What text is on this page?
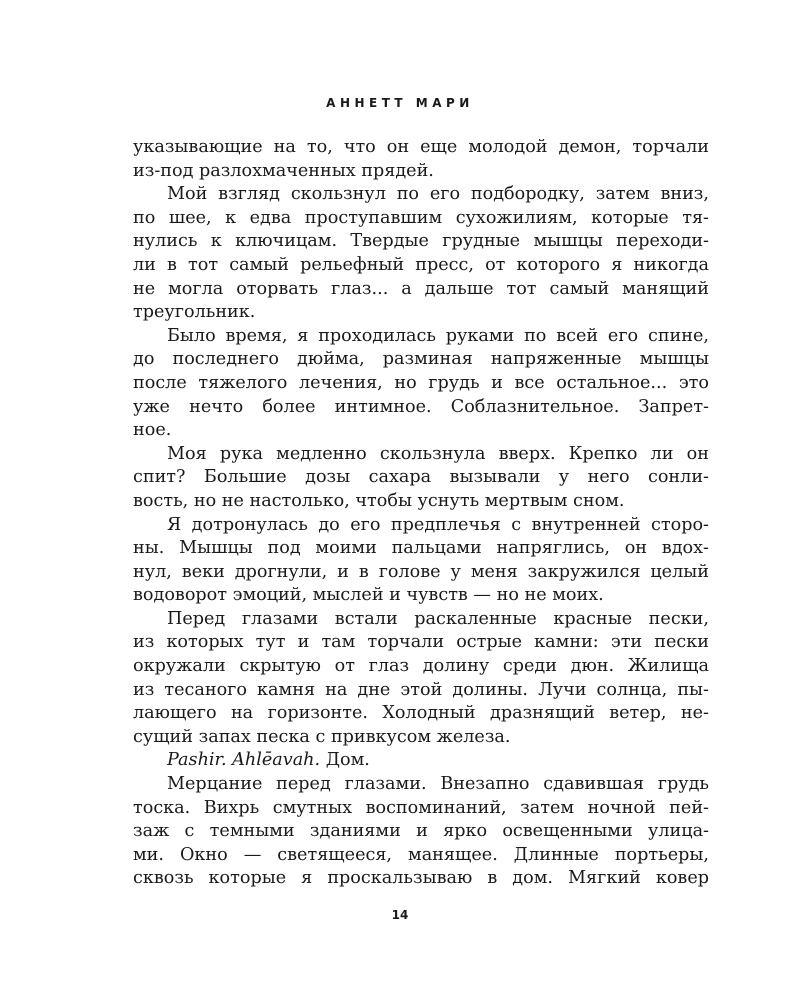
АННЕТТ МАРИ
указывающие на то, что он еще молодой демон, торчали
из-под разлохмаченных прядей.
Мой взгляд скользнул по его подбородку, затем вниз,
по шее, к едва проступавшим сухожилиям, которые тя-
нулись к ключицам. Твердые грудные мышцы переходи-
ли в тот самый рельефный пресс, от которого я никогда
не могла оторвать глаз... а дальше тот самый манящий
треугольник.
Было время, я проходилась руками по всей его спине,
до последнего дюйма, разминая напряженные мышцы
после тяжелого лечения, но грудь и все остальное... это
уже нечто более интимное. Соблазнительное. Запрет-
ное.
Моя рука медленно скользнула вверх. Крепко ли он
спит? Большие дозы сахара вызывали у него сонли-
вость, но не настолько, чтобы уснуть мертвым сном.
Я дотронулась до его предплечья с внутренней сторо-
ны. Мышцы под моими пальцами напряглись, он вдох-
нул, веки дрогнули, и в голове у меня закружился целый
водоворот эмоций, мыслей и чувств — но не моих.
Перед глазами встали раскаленные красные пески,
из которых тут и там торчали острые камни: эти пески
окружали скрытую от глаз долину среди дюн. Жилища
из тесаного камня на дне этой долины. Лучи солнца, пы-
лающего на горизонте. Холодный дразнящий ветер, не-
сущий запах песка с привкусом железа.
Pashir. Ahlēavah. Дом.
Мерцание перед глазами. Внезапно сдавившая грудь
тоска. Вихрь смутных воспоминаний, затем ночной пей-
заж с темными зданиями и ярко освещенными улица-
ми. Окно — светящееся, манящее. Длинные портьеры,
сквозь которые я проскальзываю в дом. Мягкий ковер
14
